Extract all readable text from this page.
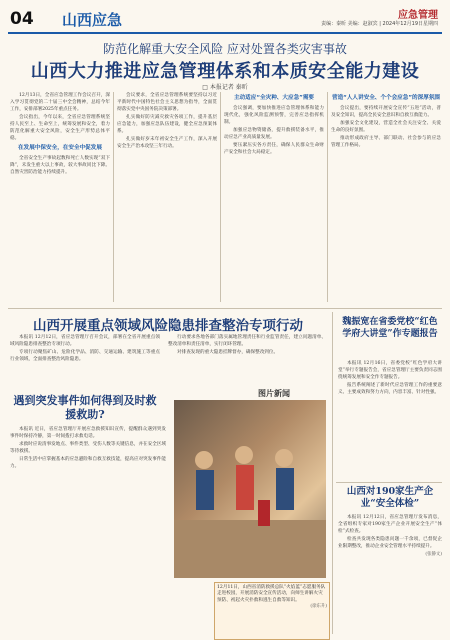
04 山西应急	应急管理
责编：秦昕 美编：赵淑宾 | 2024年12月19日星期四
防范化解重大安全风险 应对处置各类灾害事故
山西大力推进应急管理体系和本质安全能力建设
□ 本报记者 秦昕

12月13日，全省应急管理工作会议召开，深入学习贯彻党的二十届三中全会精神，总结今年工作，安排部署2025年重点任务。

会议指出，今年以来，全省应急管理系统坚持人民至上、生命至上，统筹发展和安全，着力防范化解重大安全风险，安全生产形势总体平稳。

在发展中保安全，在安全中促发展

全省安全生产事故起数和死亡人数实现“双下降”，未发生重大以上事故，较大事故同比下降。自然灾害防治能力持续提升。

会议要求，全省应急管理系统要坚持以习近平新时代中国特色社会主义思想为指导，全面贯彻落实党中央国务院决策部署。

扎实做好防灾减灾救灾各项工作，提升基层应急能力，加强应急队伍建设，健全应急预案体系。

扎实做好岁末年初安全生产工作，深入开展安全生产治本攻坚三年行动。

主动适应“全灾种、大应急”需要

会议强调，要加快推进应急管理体系和能力现代化，强化风险监测预警，完善应急指挥机制。

加强应急物资储备，提升救援装备水平，推动应急产业高质量发展。

要压紧压实各方责任，确保人民群众生命财产安全和社会大局稳定。

营造“人人讲安全、个个会应急”的深厚氛围

会议提出，要持续开展安全宣传“五进”活动，普及安全知识，提高全民安全意识和自救互救能力。

加强安全文化建设，营造全社会关注安全、关爱生命的良好氛围。

推动形成政府主导、部门联动、社会参与的应急管理工作格局。

山西开展重点领域风险隐患排查整治专项行动

本报讯 12月12日，省应急管理厅召开会议，部署在全省开展重点领域风险隐患排查整治专项行动。

专项行动聚焦矿山、危险化学品、消防、交通运输、建筑施工等重点行业领域，全面排查整治风险隐患。

行动要求各地各部门落实属地管理责任和行业监管责任，建立问题清单、整改清单和责任清单，实行闭环管理。

对排查发现的重大隐患挂牌督办，确保整改到位。

图片新闻
12月11日，山西省消防救援总队“火焰蓝”志愿服务队走进校园，开展消防安全宣传活动，向师生讲解火灾预防、初起火灾扑救和逃生自救等知识。
(徐东升)
遇到突发事件如何得到及时救援救助?

本报讯 近日，省应急管理厅开展应急救援知识宣传，提醒群众遇到突发事件时保持冷静，第一时间拨打求救电话。

求救时应说清事发地点、事件类型、受伤人数等关键信息，并在安全区域等待救援。

日常生活中应掌握基本的应急避险和自救互救技能，提高应对突发事件能力。

魏振宽在省委党校“红色学府大讲堂”作专题报告

本报讯 12月16日，省委党校“红色学府大讲堂”举行专题报告会，省应急管理厅主要负责同志围绕统筹发展和安全作专题报告。

报告系统阐述了新时代应急管理工作的重要意义、主要成效和努力方向，内容丰富、针对性强。

山西对190家生产企业“安全体检”

本报讯 12月12日，省应急管理厅发布消息，全省组织专家对190家生产企业开展安全生产“体检”式检查。

检查共发现各类隐患问题一千余项，已督促企业限期整改，推动企业安全管理水平持续提升。

(张静文)
